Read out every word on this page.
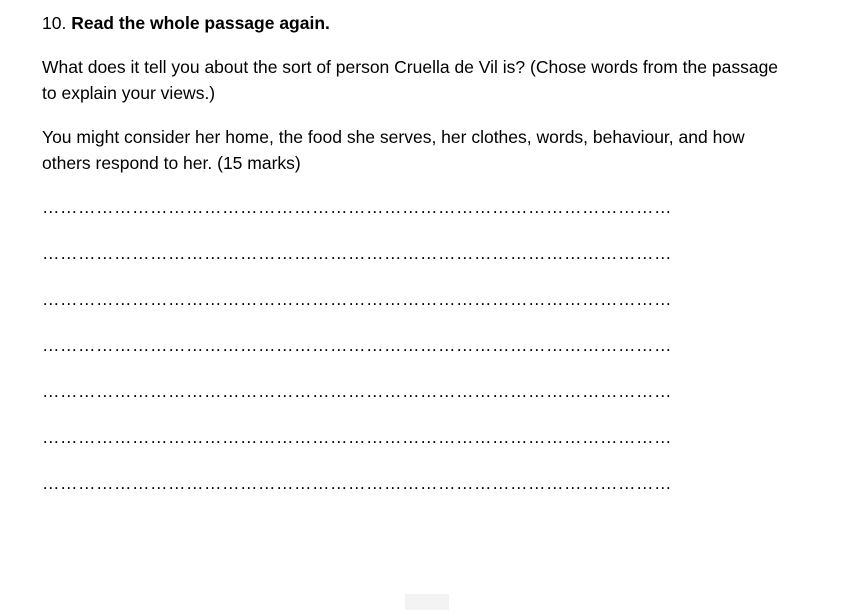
10. Read the whole passage again.

What does it tell you about the sort of person Cruella de Vil is? (Chose words from the passage to explain your views.)

You might consider her home, the food she serves, her clothes, words, behaviour, and how others respond to her. (15 marks)

……………………………………………………………………………………………
……………………………………………………………………………………………
……………………………………………………………………………………………
……………………………………………………………………………………………
……………………………………………………………………………………………
……………………………………………………………………………………………
……………………………………………………………………………………………
